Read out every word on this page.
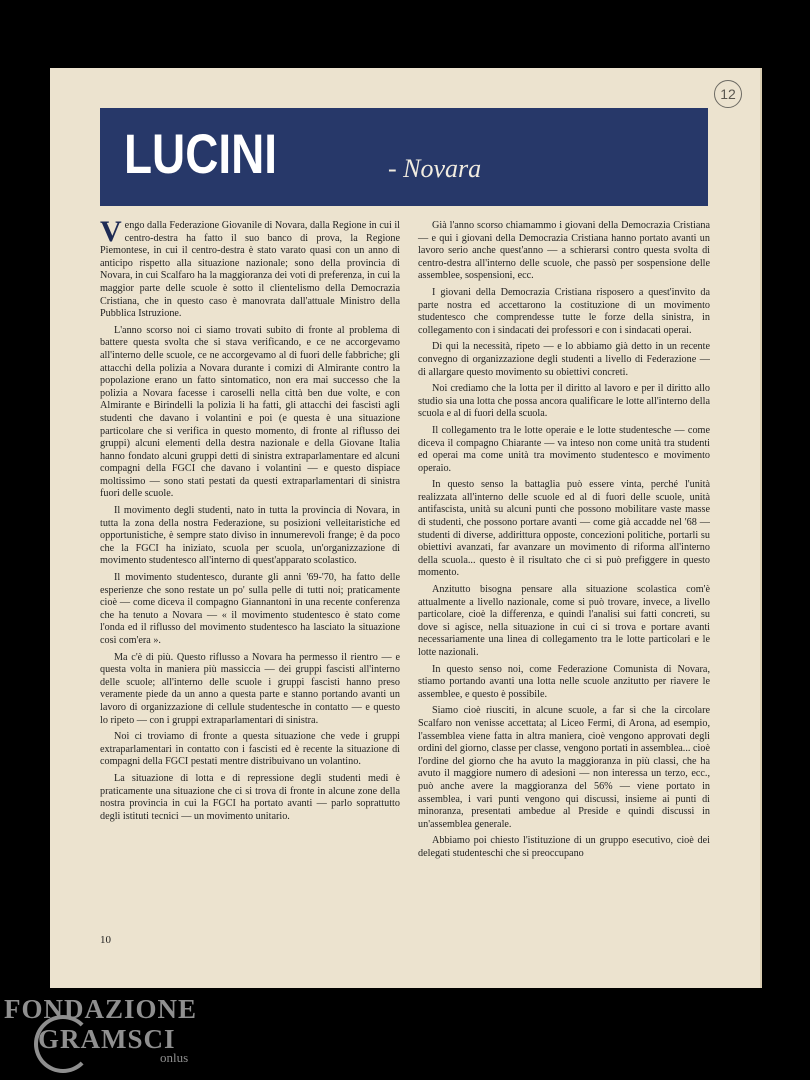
12
LUCINI	- Novara

Vengo dalla Federazione Giovanile di Novara, dalla Regione in cui il centro-destra ha fatto il suo banco di prova, la Regione Piemontese, in cui il centro-destra è stato varato quasi con un anno di anticipo rispetto alla situazione nazionale; sono della provincia di Novara, in cui Scalfaro ha la maggioranza dei voti di preferenza, in cui la maggior parte delle scuole è sotto il clientelismo della Democrazia Cristiana, che in questo caso è manovrata dall'attuale Ministro della Pubblica Istruzione.

L'anno scorso noi ci siamo trovati subito di fronte al problema di battere questa svolta che si stava verificando, e ce ne accorgevamo all'interno delle scuole, ce ne accorgevamo al di fuori delle fabbriche; gli attacchi della polizia a Novara durante i comizi di Almirante contro la popolazione erano un fatto sintomatico, non era mai successo che la polizia a Novara facesse i caroselli nella città ben due volte, e con Almirante e Birindelli la polizia li ha fatti, gli attacchi dei fascisti agli studenti che davano i volantini e poi (e questa è una situazione particolare che si verifica in questo momento, di fronte al riflusso dei gruppi) alcuni elementi della destra nazionale e della Giovane Italia hanno fondato alcuni gruppi detti di sinistra extraparlamentare ed alcuni compagni della FGCI che davano i volantini — e questo dispiace moltissimo — sono stati pestati da questi extraparlamentari di sinistra fuori delle scuole.

Il movimento degli studenti, nato in tutta la provincia di Novara, in tutta la zona della nostra Federazione, su posizioni velleitaristiche ed opportunistiche, è sempre stato diviso in innumerevoli frange; è da poco che la FGCI ha iniziato, scuola per scuola, un'organizzazione di movimento studentesco all'interno di quest'apparato scolastico.

Il movimento studentesco, durante gli anni '69-'70, ha fatto delle esperienze che sono restate un po' sulla pelle di tutti noi; praticamente cioè — come diceva il compagno Giannantoni in una recente conferenza che ha tenuto a Novara — « il movimento studentesco è stato come l'onda ed il riflusso del movimento studentesco ha lasciato la situazione così com'era ».

Ma c'è di più. Questo riflusso a Novara ha permesso il rientro — e questa volta in maniera più massiccia — dei gruppi fascisti all'interno delle scuole; all'interno delle scuole i gruppi fascisti hanno preso veramente piede da un anno a questa parte e stanno portando avanti un lavoro di organizzazione di cellule studentesche in contatto — e questo lo ripeto — con i gruppi extraparlamentari di sinistra.

Noi ci troviamo di fronte a questa situazione che vede i gruppi extraparlamentari in contatto con i fascisti ed è recente la situazione di compagni della FGCI pestati mentre distribuivano un volantino.

La situazione di lotta e di repressione degli studenti medi è praticamente una situazione che ci si trova di fronte in alcune zone della nostra provincia in cui la FGCI ha portato avanti — parlo soprattutto degli istituti tecnici — un movimento unitario.

Già l'anno scorso chiamammo i giovani della Democrazia Cristiana — e qui i giovani della Democrazia Cristiana hanno portato avanti un lavoro serio anche quest'anno — a schierarsi contro questa svolta di centro-destra all'interno delle scuole, che passò per sospensione delle assemblee, sospensioni, ecc.

I giovani della Democrazia Cristiana risposero a quest'invito da parte nostra ed accettarono la costituzione di un movimento studentesco che comprendesse tutte le forze della sinistra, in collegamento con i sindacati dei professori e con i sindacati operai.

Di qui la necessità, ripeto — e lo abbiamo già detto in un recente convegno di organizzazione degli studenti a livello di Federazione — di allargare questo movimento su obiettivi concreti.

Noi crediamo che la lotta per il diritto al lavoro e per il diritto allo studio sia una lotta che possa ancora qualificare le lotte all'interno della scuola e al di fuori della scuola.

Il collegamento tra le lotte operaie e le lotte studentesche — come diceva il compagno Chiarante — va inteso non come unità tra studenti ed operai ma come unità tra movimento studentesco e movimento operaio.

In questo senso la battaglia può essere vinta, perché l'unità realizzata all'interno delle scuole ed al di fuori delle scuole, unità antifascista, unità su alcuni punti che possono mobilitare vaste masse di studenti, che possono portare avanti — come già accadde nel '68 — studenti di diverse, addirittura opposte, concezioni politiche, portarli su obiettivi avanzati, far avanzare un movimento di riforma all'interno della scuola... questo è il risultato che ci si può prefiggere in questo momento.

Anzitutto bisogna pensare alla situazione scolastica com'è attualmente a livello nazionale, come si può trovare, invece, a livello particolare, cioè la differenza, e quindi l'analisi sui fatti concreti, su dove si agisce, nella situazione in cui ci si trova e portare avanti necessariamente una linea di collegamento tra le lotte particolari e le lotte nazionali.

In questo senso noi, come Federazione Comunista di Novara, stiamo portando avanti una lotta nelle scuole anzitutto per riavere le assemblee, e questo è possibile.

Siamo cioè riusciti, in alcune scuole, a far sì che la circolare Scalfaro non venisse accettata; al Liceo Fermi, di Arona, ad esempio, l'assemblea viene fatta in altra maniera, cioè vengono approvati degli ordini del giorno, classe per classe, vengono portati in assemblea... cioè l'ordine del giorno che ha avuto la maggioranza in più classi, che ha avuto il maggiore numero di adesioni — non interessa un terzo, ecc., può anche avere la maggioranza del 56% — viene portato in assemblea, i vari punti vengono qui discussi, insieme ai punti di minoranza, presentati ambedue al Preside e quindi discussi in un'assemblea generale.

Abbiamo poi chiesto l'istituzione di un gruppo esecutivo, cioè dei delegati studenteschi che si preoccupano

10
FONDAZIONE
GRAMSCI
onlus
